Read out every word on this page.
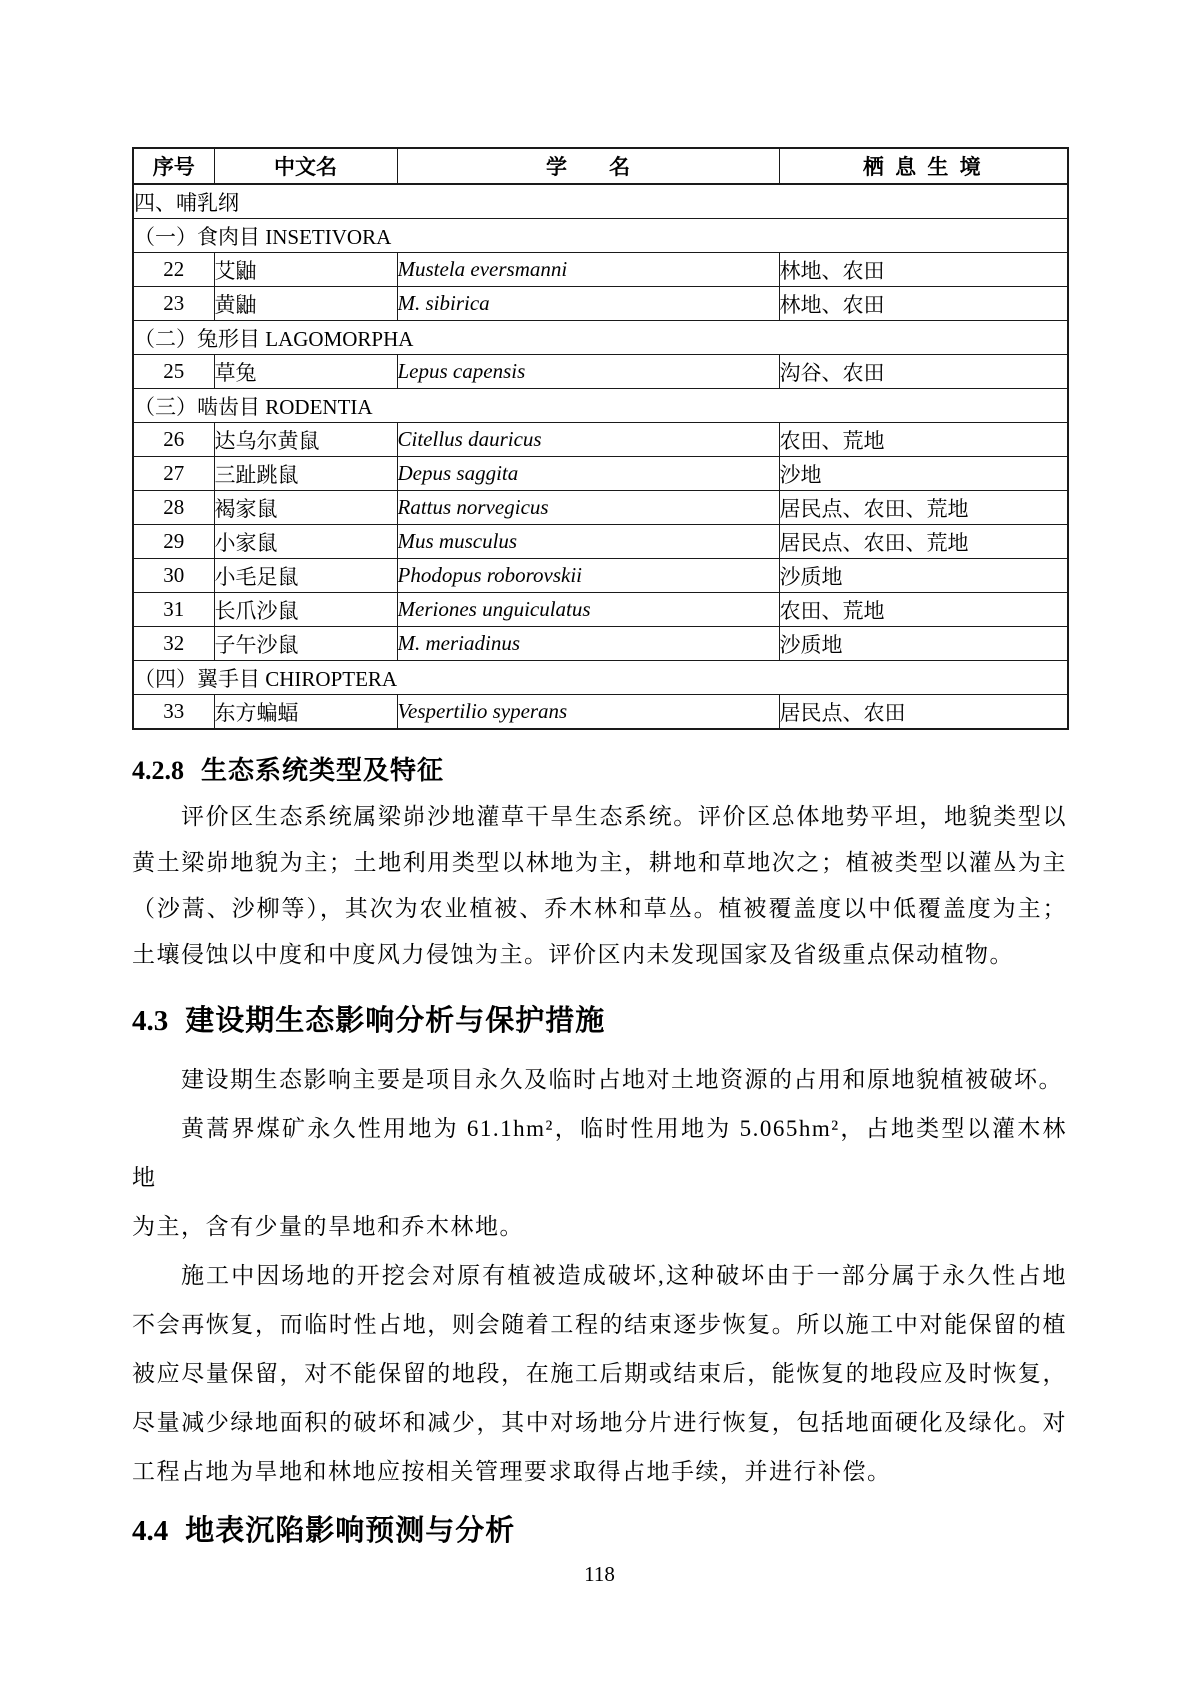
序号	中文名	学　　名	栖 息 生 境
四、哺乳纲			
（一）食肉目 INSETIVORA			
22	艾鼬	Mustela eversmanni	林地、农田
23	黄鼬	M. sibirica	林地、农田
（二）兔形目 LAGOMORPHA			
25	草兔	Lepus capensis	沟谷、农田
（三）啮齿目 RODENTIA			
26	达乌尔黄鼠	Citellus dauricus	农田、荒地
27	三趾跳鼠	Depus saggita	沙地
28	褐家鼠	Rattus norvegicus	居民点、农田、荒地
29	小家鼠	Mus musculus	居民点、农田、荒地
30	小毛足鼠	Phodopus roborovskii	沙质地
31	长爪沙鼠	Meriones unguiculatus	农田、荒地
32	子午沙鼠	M. meriadinus	沙质地
（四）翼手目 CHIROPTERA			
33	东方蝙蝠	Vespertilio syperans	居民点、农田
4.2.8 生态系统类型及特征
评价区生态系统属梁峁沙地灌草干旱生态系统。评价区总体地势平坦，地貌类型以
黄土梁峁地貌为主；土地利用类型以林地为主，耕地和草地次之；植被类型以灌丛为主
（沙蒿、沙柳等），其次为农业植被、乔木林和草丛。植被覆盖度以中低覆盖度为主；
土壤侵蚀以中度和中度风力侵蚀为主。评价区内未发现国家及省级重点保动植物。
4.3 建设期生态影响分析与保护措施
建设期生态影响主要是项目永久及临时占地对土地资源的占用和原地貌植被破坏。
黄蒿界煤矿永久性用地为 61.1hm²，临时性用地为 5.065hm²，占地类型以灌木林地
为主，含有少量的旱地和乔木林地。
施工中因场地的开挖会对原有植被造成破坏,这种破坏由于一部分属于永久性占地
不会再恢复，而临时性占地，则会随着工程的结束逐步恢复。所以施工中对能保留的植
被应尽量保留，对不能保留的地段，在施工后期或结束后，能恢复的地段应及时恢复，
尽量减少绿地面积的破坏和减少，其中对场地分片进行恢复，包括地面硬化及绿化。对
工程占地为旱地和林地应按相关管理要求取得占地手续，并进行补偿。
4.4 地表沉陷影响预测与分析
118
